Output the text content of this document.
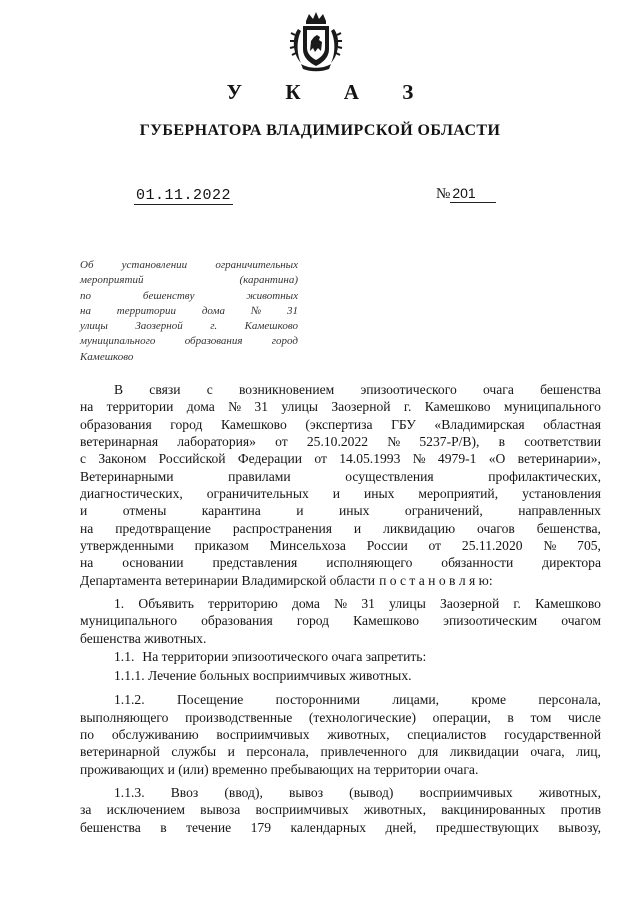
У К А З
ГУБЕРНАТОРА ВЛАДИМИРСКОЙ ОБЛАСТИ
01.11.2022	№ 201
Об	установлении	ограничительных
мероприятий	(карантина)
по	бешенству	животных
на территории дома № 31
улицы Заозерной г. Камешково
муниципального	образования	город
Камешково
В связи с возникновением эпизоотического очага бешенства
на территории дома № 31 улицы Заозерной г. Камешково муниципального
образования город Камешково (экспертиза ГБУ «Владимирская областная
ветеринарная лаборатория» от 25.10.2022 № 5237-Р/В), в соответствии
с Законом Российской Федерации от 14.05.1993 № 4979-1 «О ветеринарии»,
Ветеринарными	правилами	осуществления	профилактических,
диагностических, ограничительных и иных мероприятий, установления
и	отмены	карантина	и	иных	ограничений,	направленных
на предотвращение распространения и ликвидацию очагов бешенства,
утвержденными приказом Минсельхоза России от 25.11.2020 № 705,
на основании представления исполняющего обязанности директора
Департамента ветеринарии Владимирской области п о с т а н о в л я ю:
1. Объявить территорию дома № 31 улицы Заозерной г. Камешково
муниципального образования город Камешково эпизоотическим очагом
бешенства животных.
1.1. На территории эпизоотического очага запретить:
1.1.1. Лечение больных восприимчивых животных.
1.1.2. Посещение посторонними лицами, кроме персонала,
выполняющего производственные (технологические) операции, в том числе
по обслуживанию восприимчивых животных, специалистов государственной
ветеринарной службы и персонала, привлеченного для ликвидации очага, лиц,
проживающих и (или) временно пребывающих на территории очага.
1.1.3. Ввоз (ввод), вывоз (вывод) восприимчивых животных,
за исключением вывоза восприимчивых животных, вакцинированных против
бешенства в течение 179 календарных дней, предшествующих вывозу,
